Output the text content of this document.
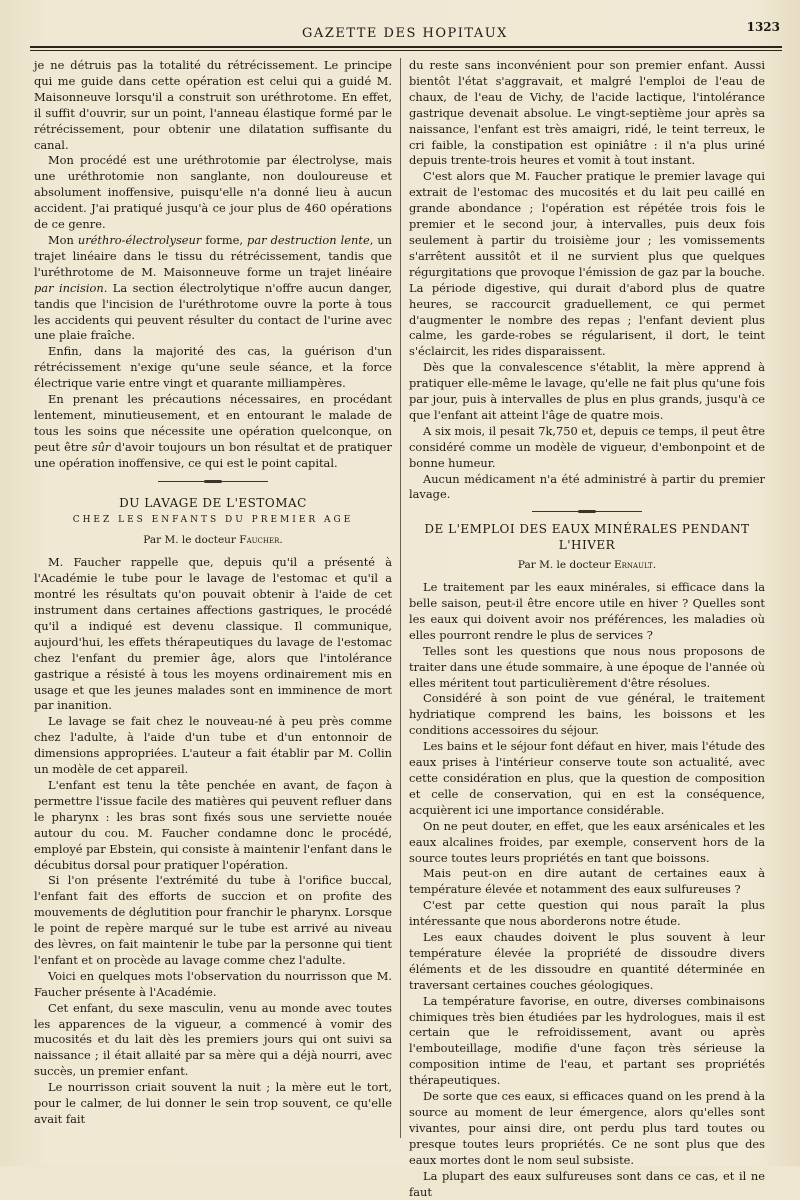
GAZETTE DES HOPITAUX	1323

je ne détruis pas la totalité du rétrécissement. Le principe qui me guide dans cette opération est celui qui a guidé M. Maisonneuve lorsqu'il a construit son uréthrotome. En effet, il suffit d'ouvrir, sur un point, l'anneau élastique formé par le rétrécissement, pour obtenir une dilatation suffisante du canal.

Mon procédé est une uréthrotomie par électrolyse, mais une uréthrotomie non sanglante, non douloureuse et absolument inoffensive, puisqu'elle n'a donné lieu à aucun accident. J'ai pratiqué jusqu'à ce jour plus de 460 opérations de ce genre.

Mon uréthro-électrolyseur forme, par destruction lente, un trajet linéaire dans le tissu du rétrécissement, tandis que l'uréthrotome de M. Maisonneuve forme un trajet linéaire par incision. La section électrolytique n'offre aucun danger, tandis que l'incision de l'uréthrotome ouvre la porte à tous les accidents qui peuvent résulter du contact de l'urine avec une plaie fraîche.

Enfin, dans la majorité des cas, la guérison d'un rétrécissement n'exige qu'une seule séance, et la force électrique varie entre vingt et quarante milliampères.

En prenant les précautions nécessaires, en procédant lentement, minutieusement, et en entourant le malade de tous les soins que nécessite une opération quelconque, on peut être sûr d'avoir toujours un bon résultat et de pratiquer une opération inoffensive, ce qui est le point capital.

DU LAVAGE DE L'ESTOMAC
CHEZ LES ENFANTS DU PREMIER AGE
Par M. le docteur Faucher.

M. Faucher rappelle que, depuis qu'il a présenté à l'Académie le tube pour le lavage de l'estomac et qu'il a montré les résultats qu'on pouvait obtenir à l'aide de cet instrument dans certaines affections gastriques, le procédé qu'il a indiqué est devenu classique. Il communique, aujourd'hui, les effets thérapeutiques du lavage de l'estomac chez l'enfant du premier âge, alors que l'intolérance gastrique a résisté à tous les moyens ordinairement mis en usage et que les jeunes malades sont en imminence de mort par inanition.

Le lavage se fait chez le nouveau-né à peu près comme chez l'adulte, à l'aide d'un tube et d'un entonnoir de dimensions appropriées. L'auteur a fait établir par M. Collin un modèle de cet appareil.

L'enfant est tenu la tête penchée en avant, de façon à permettre l'issue facile des matières qui peuvent refluer dans le pharynx : les bras sont fixés sous une serviette nouée autour du cou. M. Faucher condamne donc le procédé, employé par Ebstein, qui consiste à maintenir l'enfant dans le décubitus dorsal pour pratiquer l'opération.

Si l'on présente l'extrémité du tube à l'orifice buccal, l'enfant fait des efforts de succion et on profite des mouvements de déglutition pour franchir le pharynx. Lorsque le point de repère marqué sur le tube est arrivé au niveau des lèvres, on fait maintenir le tube par la personne qui tient l'enfant et on procède au lavage comme chez l'adulte.

Voici en quelques mots l'observation du nourrisson que M. Faucher présente à l'Académie.

Cet enfant, du sexe masculin, venu au monde avec toutes les apparences de la vigueur, a commencé à vomir des mucosités et du lait dès les premiers jours qui ont suivi sa naissance ; il était allaité par sa mère qui a déjà nourri, avec succès, un premier enfant.

Le nourrisson criait souvent la nuit ; la mère eut le tort, pour le calmer, de lui donner le sein trop souvent, ce qu'elle avait fait

du reste sans inconvénient pour son premier enfant. Aussi bientôt l'état s'aggravait, et malgré l'emploi de l'eau de chaux, de l'eau de Vichy, de l'acide lactique, l'intolérance gastrique devenait absolue. Le vingt-septième jour après sa naissance, l'enfant est très amaigri, ridé, le teint terreux, le cri faible, la constipation est opiniâtre : il n'a plus uriné depuis trente-trois heures et vomit à tout instant.

C'est alors que M. Faucher pratique le premier lavage qui extrait de l'estomac des mucosités et du lait peu caillé en grande abondance ; l'opération est répétée trois fois le premier et le second jour, à intervalles, puis deux fois seulement à partir du troisième jour ; les vomissements s'arrêtent aussitôt et il ne survient plus que quelques régurgitations que provoque l'émission de gaz par la bouche. La période digestive, qui durait d'abord plus de quatre heures, se raccourcit graduellement, ce qui permet d'augmenter le nombre des repas ; l'enfant devient plus calme, les garde-robes se régularisent, il dort, le teint s'éclaircit, les rides disparaissent.

Dès que la convalescence s'établit, la mère apprend à pratiquer elle-même le lavage, qu'elle ne fait plus qu'une fois par jour, puis à intervalles de plus en plus grands, jusqu'à ce que l'enfant ait atteint l'âge de quatre mois.

A six mois, il pesait 7k,750 et, depuis ce temps, il peut être considéré comme un modèle de vigueur, d'embonpoint et de bonne humeur.

Aucun médicament n'a été administré à partir du premier lavage.

DE L'EMPLOI DES EAUX MINÉRALES PENDANT L'HIVER
Par M. le docteur Ernault.

Le traitement par les eaux minérales, si efficace dans la belle saison, peut-il être encore utile en hiver ? Quelles sont les eaux qui doivent avoir nos préférences, les maladies où elles pourront rendre le plus de services ?

Telles sont les questions que nous nous proposons de traiter dans une étude sommaire, à une époque de l'année où elles méritent tout particulièrement d'être résolues.

Considéré à son point de vue général, le traitement hydriatique comprend les bains, les boissons et les conditions accessoires du séjour.

Les bains et le séjour font défaut en hiver, mais l'étude des eaux prises à l'intérieur conserve toute son actualité, avec cette considération en plus, que la question de composition et celle de conservation, qui en est la conséquence, acquièrent ici une importance considérable.

On ne peut douter, en effet, que les eaux arsénicales et les eaux alcalines froides, par exemple, conservent hors de la source toutes leurs propriétés en tant que boissons.

Mais peut-on en dire autant de certaines eaux à température élevée et notamment des eaux sulfureuses ?

C'est par cette question qui nous paraît la plus intéressante que nous aborderons notre étude.

Les eaux chaudes doivent le plus souvent à leur température élevée la propriété de dissoudre divers éléments et de les dissoudre en quantité déterminée en traversant certaines couches géologiques.

La température favorise, en outre, diverses combinaisons chimiques très bien étudiées par les hydrologues, mais il est certain que le refroidissement, avant ou après l'embouteillage, modifie d'une façon très sérieuse la composition intime de l'eau, et partant ses propriétés thérapeutiques.

De sorte que ces eaux, si efficaces quand on les prend à la source au moment de leur émergence, alors qu'elles sont vivantes, pour ainsi dire, ont perdu plus tard toutes ou presque toutes leurs propriétés. Ce ne sont plus que des eaux mortes dont le nom seul subsiste.

La plupart des eaux sulfureuses sont dans ce cas, et il ne faut
